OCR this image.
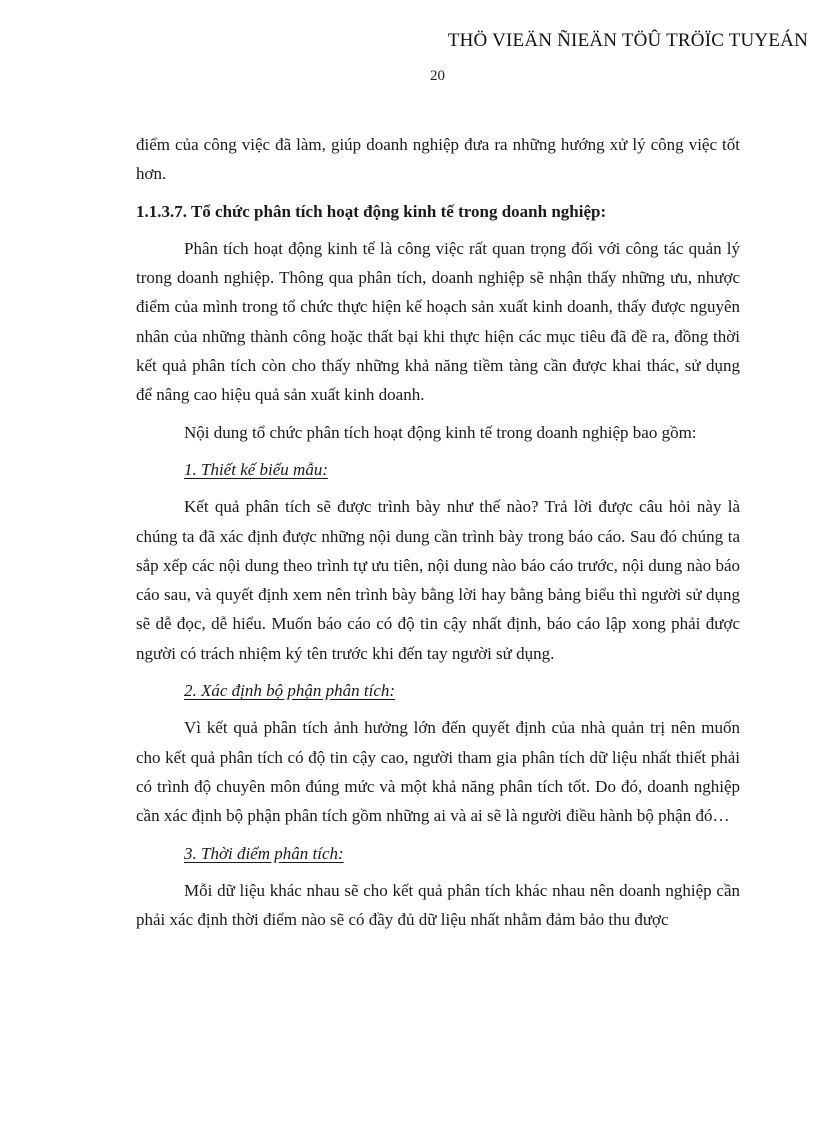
THÖ VIEÄN ÑIEÄN TÖÛ TRÖÏC TUYEÁN
20

điểm của công việc đã làm, giúp doanh nghiệp đưa ra những hướng xử lý công việc tốt hơn.

1.1.3.7. Tổ chức phân tích hoạt động kinh tế trong doanh nghiệp:

Phân tích hoạt động kinh tế là công việc rất quan trọng đối với công tác quản lý trong doanh nghiệp. Thông qua phân tích, doanh nghiệp sẽ nhận thấy những ưu, nhược điểm của mình trong tổ chức thực hiện kế hoạch sản xuất kinh doanh, thấy được nguyên nhân của những thành công hoặc thất bại khi thực hiện các mục tiêu đã đề ra, đồng thời kết quả phân tích còn cho thấy những khả năng tiềm tàng cần được khai thác, sử dụng để nâng cao hiệu quả sản xuất kinh doanh.

Nội dung tổ chức phân tích hoạt động kinh tế trong doanh nghiệp bao gồm:

1. Thiết kế biểu mẫu:

Kết quả phân tích sẽ được trình bày như thế nào? Trả lời được câu hỏi này là chúng ta đã xác định được những nội dung cần trình bày trong báo cáo. Sau đó chúng ta sắp xếp các nội dung theo trình tự ưu tiên, nội dung nào báo cáo trước, nội dung nào báo cáo sau, và quyết định xem nên trình bày bằng lời hay bằng bảng biểu thì người sử dụng sẽ dễ đọc, dễ hiểu. Muốn báo cáo có độ tin cậy nhất định, báo cáo lập xong phải được người có trách nhiệm ký tên trước khi đến tay người sử dụng.

2. Xác định bộ phận phân tích:

Vì kết quả phân tích ảnh hưởng lớn đến quyết định của nhà quản trị nên muốn cho kết quả phân tích có độ tin cậy cao, người tham gia phân tích dữ liệu nhất thiết phải có trình độ chuyên môn đúng mức và một khả năng phân tích tốt. Do đó, doanh nghiệp cần xác định bộ phận phân tích gồm những ai và ai sẽ là người điều hành bộ phận đó…

3. Thời điểm phân tích:

Mỗi dữ liệu khác nhau sẽ cho kết quả phân tích khác nhau nên doanh nghiệp cần phải xác định thời điểm nào sẽ có đầy đủ dữ liệu nhất nhằm đảm bảo thu được
